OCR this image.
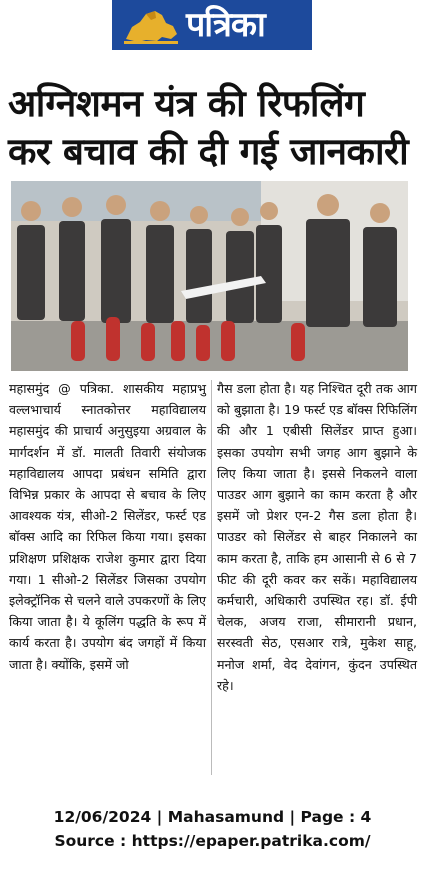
पत्रिका
अग्निशमन यंत्र की रिफलिंग कर बचाव की दी गई जानकारी
महासमुंद @ पत्रिका. शासकीय महाप्रभु वल्लभाचार्य स्नातकोत्तर महाविद्यालय महासमुंद की प्राचार्य अनुसुइया अग्रवाल के मार्गदर्शन में डॉ. मालती तिवारी संयोजक महाविद्यालय आपदा प्रबंधन समिति द्वारा विभिन्न प्रकार के आपदा से बचाव के लिए आवश्यक यंत्र, सीओ-2 सिलेंडर, फर्स्ट एड बॉक्स आदि का रिफिल किया गया। इसका प्रशिक्षण प्रशिक्षक राजेश कुमार द्वारा दिया गया। 1 सीओ-2 सिलेंडर जिसका उपयोग इलेक्ट्रॉनिक से चलने वाले उपकरणों के लिए किया जाता है। ये कूलिंग पद्धति के रूप में कार्य करता है। उपयोग बंद जगहों में किया जाता है। क्योंकि, इसमें जो
गैस डला होता है। यह निश्चित दूरी तक आग को बुझाता है। 19 फर्स्ट एड बॉक्स रिफिलिंग की और 1 एबीसी सिलेंडर प्राप्त हुआ। इसका उपयोग सभी जगह आग बुझाने के लिए किया जाता है। इससे निकलने वाला पाउडर आग बुझाने का काम करता है और इसमें जो प्रेशर एन-2 गैस डला होता है। पाउडर को सिलेंडर से बाहर निकालने का काम करता है, ताकि हम आसानी से 6 से 7 फीट की दूरी कवर कर सकें। महाविद्यालय कर्मचारी, अधिकारी उपस्थित रह। डॉ. ईपी चेलक, अजय राजा, सीमारानी प्रधान, सरस्वती सेठ, एसआर रात्रे, मुकेश साहू, मनोज शर्मा, वेद देवांगन, कुंदन उपस्थित रहे।
12/06/2024 | Mahasamund | Page : 4
Source : https://epaper.patrika.com/
